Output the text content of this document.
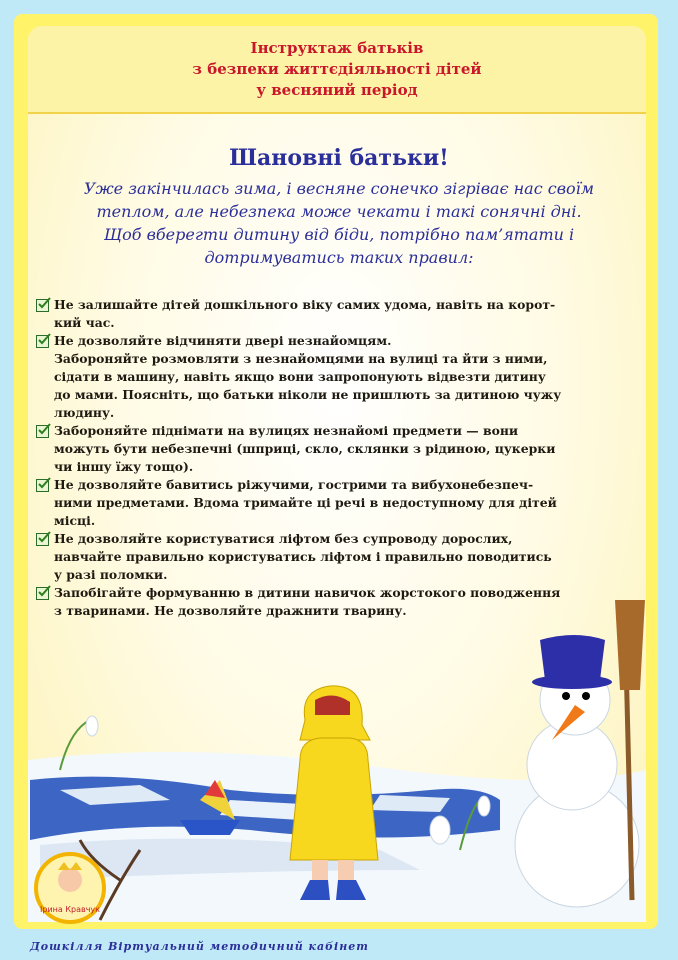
Інструктаж батьків
з безпеки життєдіяльності дітей
у весняний період
Шановні батьки!
Уже закінчилась зима, і весняне сонечко зігріває нас своїм
теплом, але небезпека може чекати і такі сонячні дні.
Щоб вберегти дитину від біди, потрібно пам’ятати і
дотримуватись таких правил:
Не залишайте дітей дошкільного віку самих удома, навіть на корот-
кий час.
Не дозволяйте відчиняти двері незнайомцям.
Забороняйте розмовляти з незнайомцями на вулиці та йти з ними,
сідати в машину, навіть якщо вони запропонують відвезти дитину
до мами. Поясніть, що батьки ніколи не пришлють за дитиною чужу
людину.
Забороняйте піднімати на вулицях незнайомі предмети — вони
можуть бути небезпечні (шприці, скло, склянки з рідиною, цукерки
чи іншу їжу тощо).
Не дозволяйте бавитись ріжучими, гострими та вибухонебезпеч-
ними предметами. Вдома тримайте ці речі в недоступному для дітей
місці.
Не дозволяйте користуватися ліфтом без супроводу дорослих,
навчайте правильно користуватись ліфтом і правильно поводитись
у разі поломки.
Запобігайте формуванню в дитини навичок жорстокого поводження
з тваринами. Не дозволяйте дражнити тварину.
Ірина Кравчук
Дошкілля Віртуальний методичний кабінет
